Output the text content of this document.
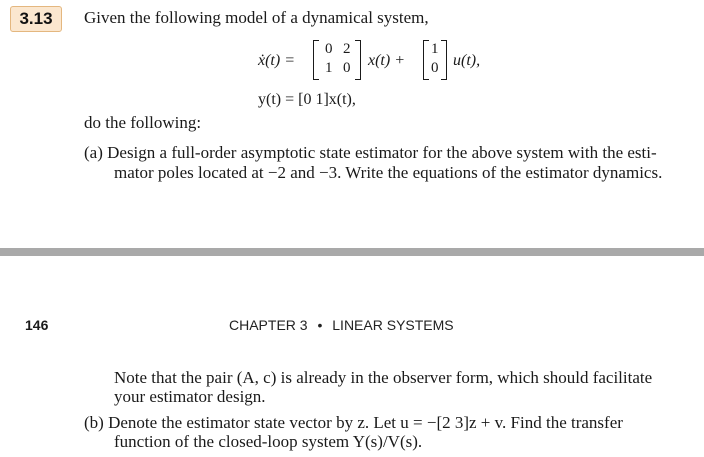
3.13	Given the following model of a dynamical system,
ẋ(t) =
0 2
1 0 x(t) +
1
0 u(t),
y(t) = [0 1]x(t),
do the following:
(a) Design a full-order asymptotic state estimator for the above system with the esti-
mator poles located at −2 and −3. Write the equations of the estimator dynamics.
146	CHAPTER 3 • LINEAR SYSTEMS
Note that the pair (A, c) is already in the observer form, which should facilitate
your estimator design.
(b) Denote the estimator state vector by z. Let u = −[2 3]z + v. Find the transfer
function of the closed-loop system Y(s)/V(s).
